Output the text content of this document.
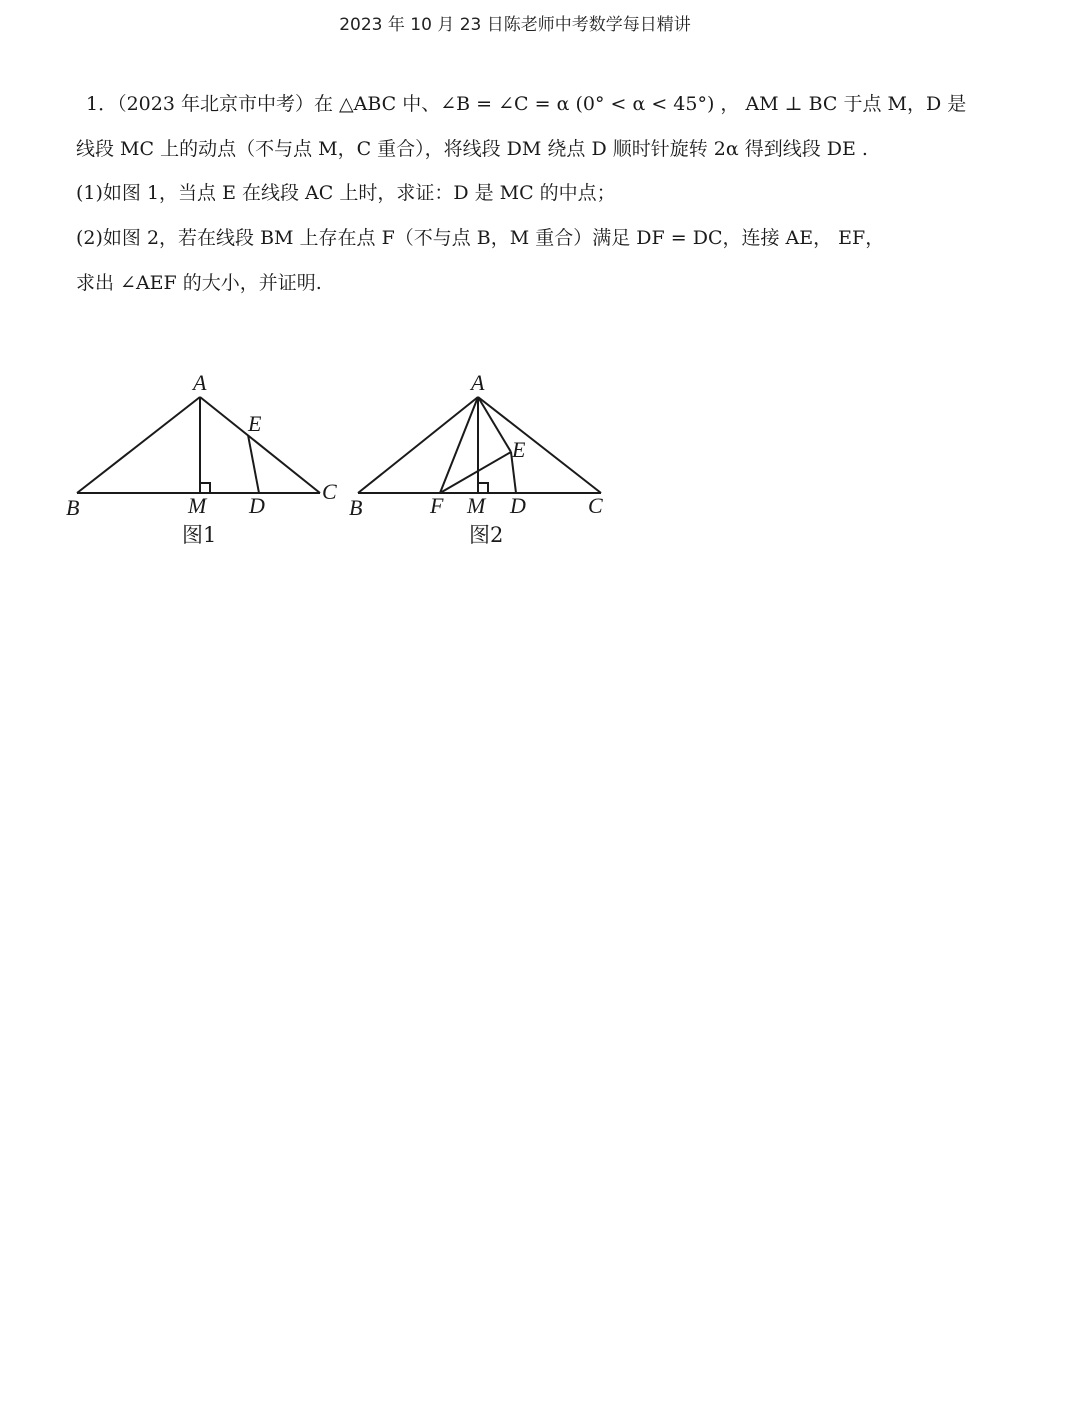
2023 年 10 月 23 日陈老师中考数学每日精讲

1．（2023 年北京市中考）在 △ABC 中、∠B = ∠C = α (0° < α < 45°) ， AM ⊥ BC 于点 M，D 是

线段 MC 上的动点（不与点 M，C 重合），将线段 DM 绕点 D 顺时针旋转 2α 得到线段 DE .

(1)如图 1，当点 E 在线段 AC 上时，求证：D 是 MC 的中点；

(2)如图 2，若在线段 BM 上存在点 F（不与点 B，M 重合）满足 DF = DC，连接 AE， EF，

求出 ∠AEF 的大小，并证明.

A
B
C
M D
E
图1
A
B	C
F M D
E
图2
